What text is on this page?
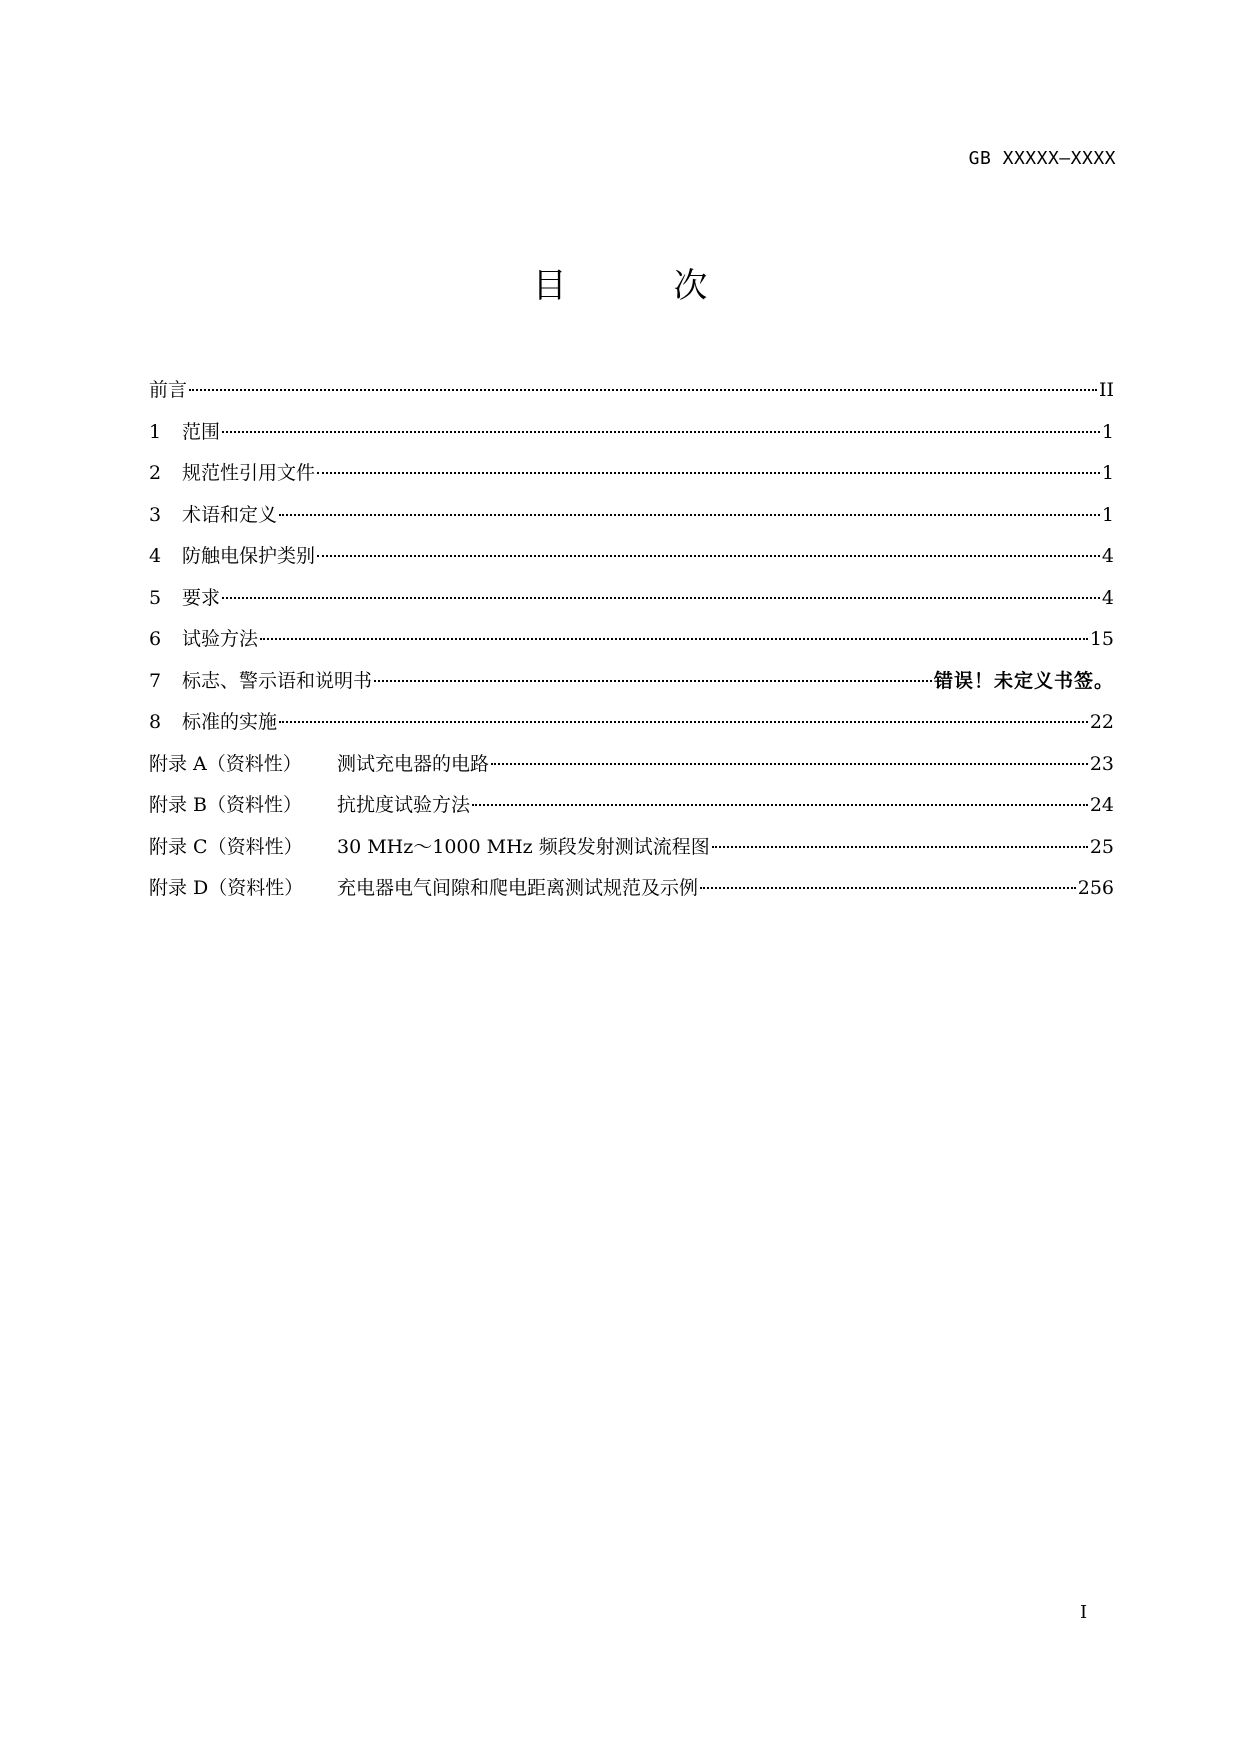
GB XXXXX—XXXX
目 次
前言	II
1	范围	1
2	规范性引用文件	1
3	术语和定义	1
4	防触电保护类别	4
5	要求	4
6	试验方法	15
7	标志、警示语和说明书	错误！未定义书签。
8	标准的实施	22
附录 A（资料性）	测试充电器的电路	23
附录 B（资料性）	抗扰度试验方法	24
附录 C（资料性）	30 MHz～1000 MHz 频段发射测试流程图	25
附录 D（资料性）	充电器电气间隙和爬电距离测试规范及示例	256
I
